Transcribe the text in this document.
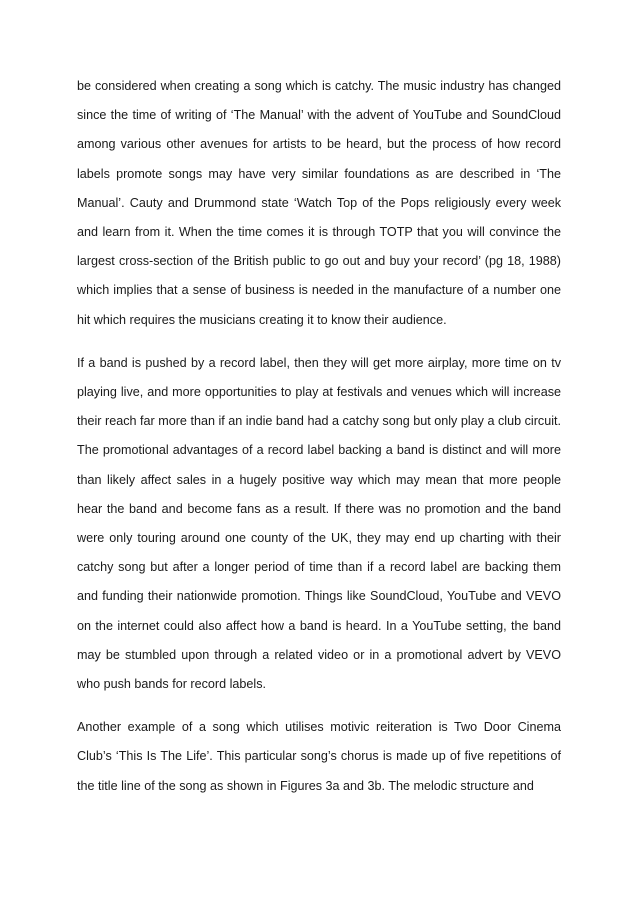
be considered when creating a song which is catchy. The music industry has changed since the time of writing of ‘The Manual’ with the advent of YouTube and SoundCloud among various other avenues for artists to be heard, but the process of how record labels promote songs may have very similar foundations as are described in ‘The Manual’. Cauty and Drummond state ‘Watch Top of the Pops religiously every week and learn from it. When the time comes it is through TOTP that you will convince the largest cross-section of the British public to go out and buy your record’ (pg 18, 1988) which implies that a sense of business is needed in the manufacture of a number one hit which requires the musicians creating it to know their audience.

If a band is pushed by a record label, then they will get more airplay, more time on tv playing live, and more opportunities to play at festivals and venues which will increase their reach far more than if an indie band had a catchy song but only play a club circuit. The promotional advantages of a record label backing a band is distinct and will more than likely affect sales in a hugely positive way which may mean that more people hear the band and become fans as a result. If there was no promotion and the band were only touring around one county of the UK, they may end up charting with their catchy song but after a longer period of time than if a record label are backing them and funding their nationwide promotion. Things like SoundCloud, YouTube and VEVO on the internet could also affect how a band is heard. In a YouTube setting, the band may be stumbled upon through a related video or in a promotional advert by VEVO who push bands for record labels.

Another example of a song which utilises motivic reiteration is Two Door Cinema Club’s ‘This Is The Life’. This particular song’s chorus is made up of five repetitions of the title line of the song as shown in Figures 3a and 3b. The melodic structure and
